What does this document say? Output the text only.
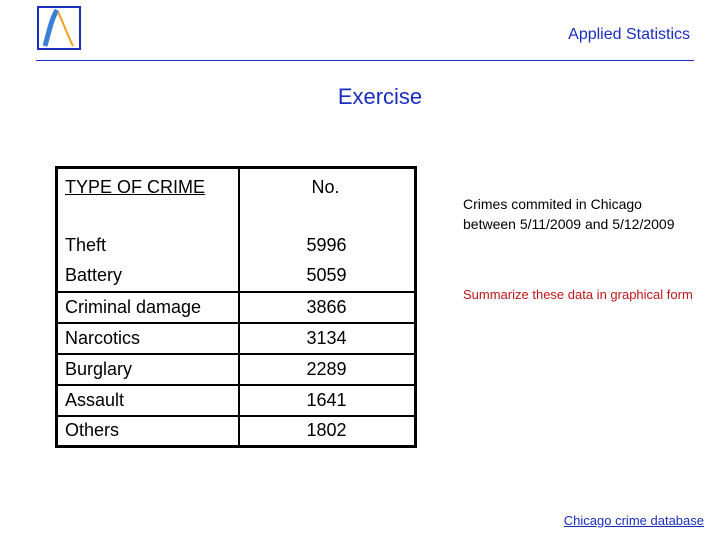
Applied Statistics
Exercise
TYPE OF CRIME	No.
Theft	5996
Battery	5059
Criminal damage	3866
Narcotics	3134
Burglary	2289
Assault	1641
Others	1802
Crimes commited in Chicago between 5/11/2009 and 5/12/2009
Summarize these data in graphical form
Chicago crime database
